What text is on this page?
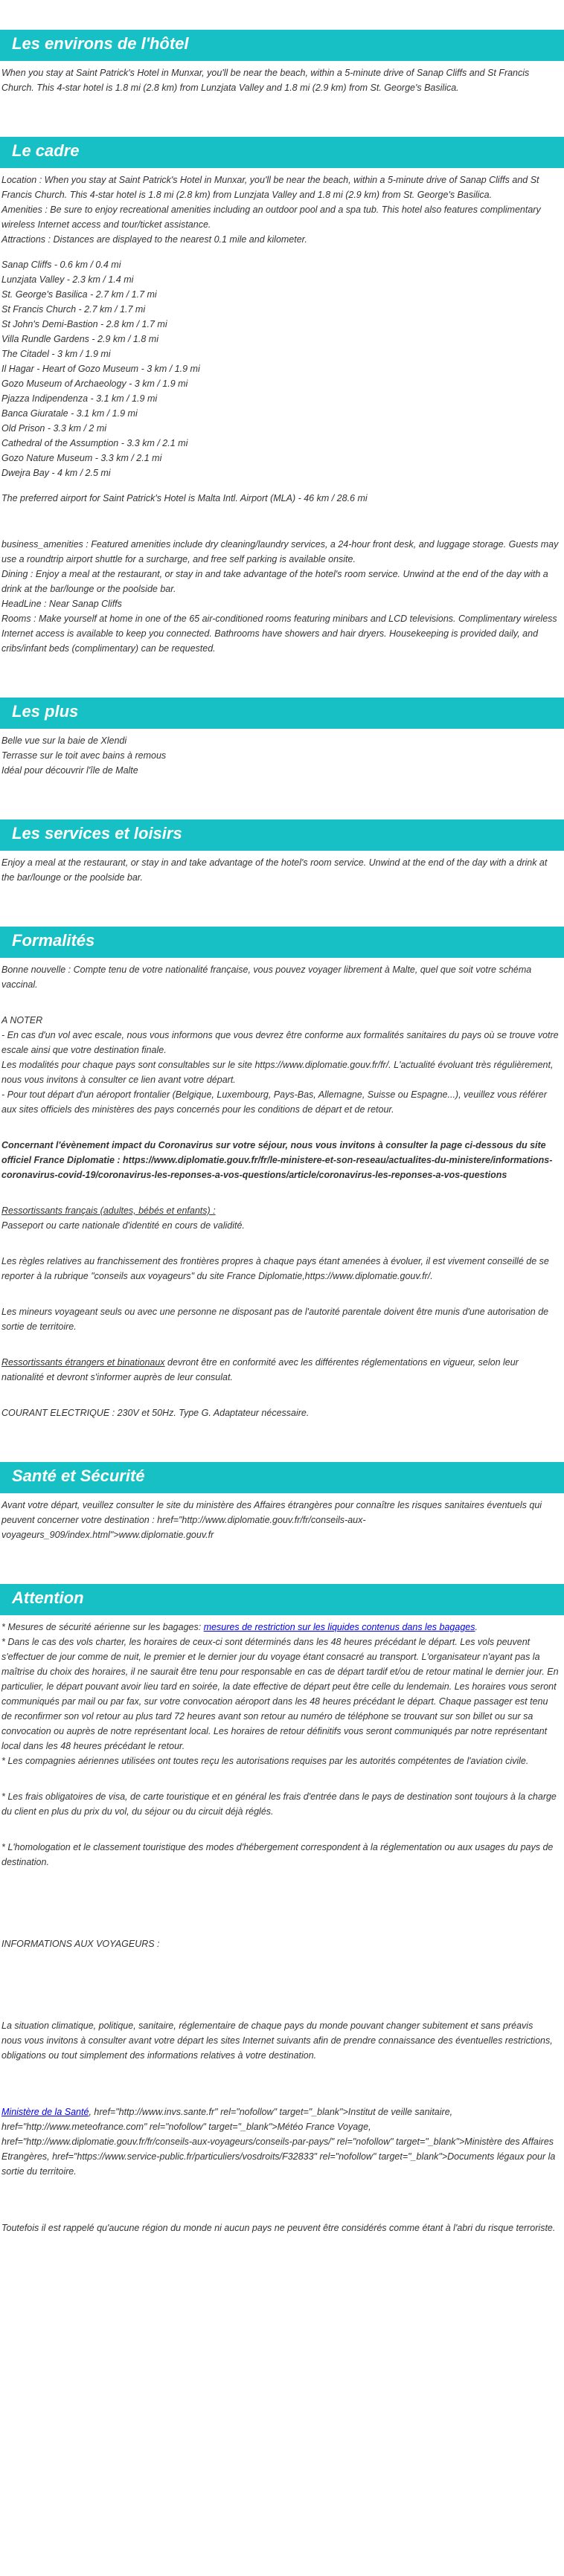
Les environs de l'hôtel

When you stay at Saint Patrick's Hotel in Munxar, you'll be near the beach, within a 5-minute drive of Sanap Cliffs and St Francis Church. This 4-star hotel is 1.8 mi (2.8 km) from Lunzjata Valley and 1.8 mi (2.9 km) from St. George's Basilica.

Le cadre

Location : When you stay at Saint Patrick's Hotel in Munxar, you'll be near the beach, within a 5-minute drive of Sanap Cliffs and St Francis Church. This 4-star hotel is 1.8 mi (2.8 km) from Lunzjata Valley and 1.8 mi (2.9 km) from St. George's Basilica.

Amenities : Be sure to enjoy recreational amenities including an outdoor pool and a spa tub. This hotel also features complimentary wireless Internet access and tour/ticket assistance.

Attractions : Distances are displayed to the nearest 0.1 mile and kilometer.

Sanap Cliffs - 0.6 km / 0.4 mi

Lunzjata Valley - 2.3 km / 1.4 mi

St. George's Basilica - 2.7 km / 1.7 mi

St Francis Church - 2.7 km / 1.7 mi

St John's Demi-Bastion - 2.8 km / 1.7 mi

Villa Rundle Gardens - 2.9 km / 1.8 mi

The Citadel - 3 km / 1.9 mi

Il Hagar - Heart of Gozo Museum - 3 km / 1.9 mi

Gozo Museum of Archaeology - 3 km / 1.9 mi

Pjazza Indipendenza - 3.1 km / 1.9 mi

Banca Giuratale - 3.1 km / 1.9 mi

Old Prison - 3.3 km / 2 mi

Cathedral of the Assumption - 3.3 km / 2.1 mi

Gozo Nature Museum - 3.3 km / 2.1 mi

Dwejra Bay - 4 km / 2.5 mi

The preferred airport for Saint Patrick's Hotel is Malta Intl. Airport (MLA) - 46 km / 28.6 mi

business_amenities : Featured amenities include dry cleaning/laundry services, a 24-hour front desk, and luggage storage. Guests may use a roundtrip airport shuttle for a surcharge, and free self parking is available onsite.

Dining : Enjoy a meal at the restaurant, or stay in and take advantage of the hotel's room service. Unwind at the end of the day with a drink at the bar/lounge or the poolside bar.

HeadLine : Near Sanap Cliffs

Rooms : Make yourself at home in one of the 65 air-conditioned rooms featuring minibars and LCD televisions. Complimentary wireless Internet access is available to keep you connected. Bathrooms have showers and hair dryers. Housekeeping is provided daily, and cribs/infant beds (complimentary) can be requested.

Les plus

Belle vue sur la baie de Xlendi

Terrasse sur le toit avec bains à remous

Idéal pour découvrir l'île de Malte

Les services et loisirs

Enjoy a meal at the restaurant, or stay in and take advantage of the hotel's room service. Unwind at the end of the day with a drink at the bar/lounge or the poolside bar.

Formalités

Bonne nouvelle : Compte tenu de votre nationalité française, vous pouvez voyager librement à Malte, quel que soit votre schéma vaccinal.

A NOTER

- En cas d'un vol avec escale, nous vous informons que vous devrez être conforme aux formalités sanitaires du pays où se trouve votre escale ainsi que votre destination finale.

Les modalités pour chaque pays sont consultables sur le site https://www.diplomatie.gouv.fr/fr/. L'actualité évoluant très régulièrement, nous vous invitons à consulter ce lien avant votre départ.

- Pour tout départ d'un aéroport frontalier (Belgique, Luxembourg, Pays-Bas, Allemagne, Suisse ou Espagne...), veuillez vous référer aux sites officiels des ministères des pays concernés pour les conditions de départ et de retour.

Concernant l'évènement impact du Coronavirus sur votre séjour, nous vous invitons à consulter la page ci-dessous du site officiel France Diplomatie : https://www.diplomatie.gouv.fr/fr/le-ministere-et-son-reseau/actualites-du-ministere/informations-coronavirus-covid-19/coronavirus-les-reponses-a-vos-questions/article/coronavirus-les-reponses-a-vos-questions

Ressortissants français (adultes, bébés et enfants) :

Passeport ou carte nationale d'identité en cours de validité.

Les règles relatives au franchissement des frontières propres à chaque pays étant amenées à évoluer, il est vivement conseillé de se reporter à la rubrique "conseils aux voyageurs" du site France Diplomatie,https://www.diplomatie.gouv.fr/.

Les mineurs voyageant seuls ou avec une personne ne disposant pas de l'autorité parentale doivent être munis d'une autorisation de sortie de territoire.

Ressortissants étrangers et binationaux devront être en conformité avec les différentes réglementations en vigueur, selon leur nationalité et devront s'informer auprès de leur consulat.

COURANT ELECTRIQUE : 230V et 50Hz. Type G. Adaptateur nécessaire.

Santé et Sécurité

Avant votre départ, veuillez consulter le site du ministère des Affaires étrangères pour connaître les risques sanitaires éventuels qui peuvent concerner votre destination : href="http://www.diplomatie.gouv.fr/fr/conseils-aux-voyageurs_909/index.html">www.diplomatie.gouv.fr

Attention

* Mesures de sécurité aérienne sur les bagages: mesures de restriction sur les liquides contenus dans les bagages.

* Dans le cas des vols charter, les horaires de ceux-ci sont déterminés dans les 48 heures précédant le départ. Les vols peuvent s'effectuer de jour comme de nuit, le premier et le dernier jour du voyage étant consacré au transport. L'organisateur n'ayant pas la maîtrise du choix des horaires, il ne saurait être tenu pour responsable en cas de départ tardif et/ou de retour matinal le dernier jour. En particulier, le départ pouvant avoir lieu tard en soirée, la date effective de départ peut être celle du lendemain. Les horaires vous seront communiqués par mail ou par fax, sur votre convocation aéroport dans les 48 heures précédant le départ. Chaque passager est tenu de reconfirmer son vol retour au plus tard 72 heures avant son retour au numéro de téléphone se trouvant sur son billet ou sur sa convocation ou auprès de notre représentant local. Les horaires de retour définitifs vous seront communiqués par notre représentant local dans les 48 heures précédant le retour.

* Les compagnies aériennes utilisées ont toutes reçu les autorisations requises par les autorités compétentes de l'aviation civile.

* Les frais obligatoires de visa, de carte touristique et en général les frais d'entrée dans le pays de destination sont toujours à la charge du client en plus du prix du vol, du séjour ou du circuit déjà réglés.

* L'homologation et le classement touristique des modes d'hébergement correspondent à la réglementation ou aux usages du pays de destination.

INFORMATIONS AUX VOYAGEURS :

La situation climatique, politique, sanitaire, réglementaire de chaque pays du monde pouvant changer subitement et sans préavis

nous vous invitons à consulter avant votre départ les sites Internet suivants afin de prendre connaissance des éventuelles restrictions, obligations ou tout simplement des informations relatives à votre destination.

Ministère de la Santé, href="http://www.invs.sante.fr" rel="nofollow" target="_blank">Institut de veille sanitaire, href="http://www.meteofrance.com" rel="nofollow" target="_blank">Météo France Voyage, href="http://www.diplomatie.gouv.fr/fr/conseils-aux-voyageurs/conseils-par-pays/" rel="nofollow" target="_blank">Ministère des Affaires Etrangères, href="https://www.service-public.fr/particuliers/vosdroits/F32833" rel="nofollow" target="_blank">Documents légaux pour la sortie du territoire.

Toutefois il est rappelé qu'aucune région du monde ni aucun pays ne peuvent être considérés comme étant à l'abri du risque terroriste.
